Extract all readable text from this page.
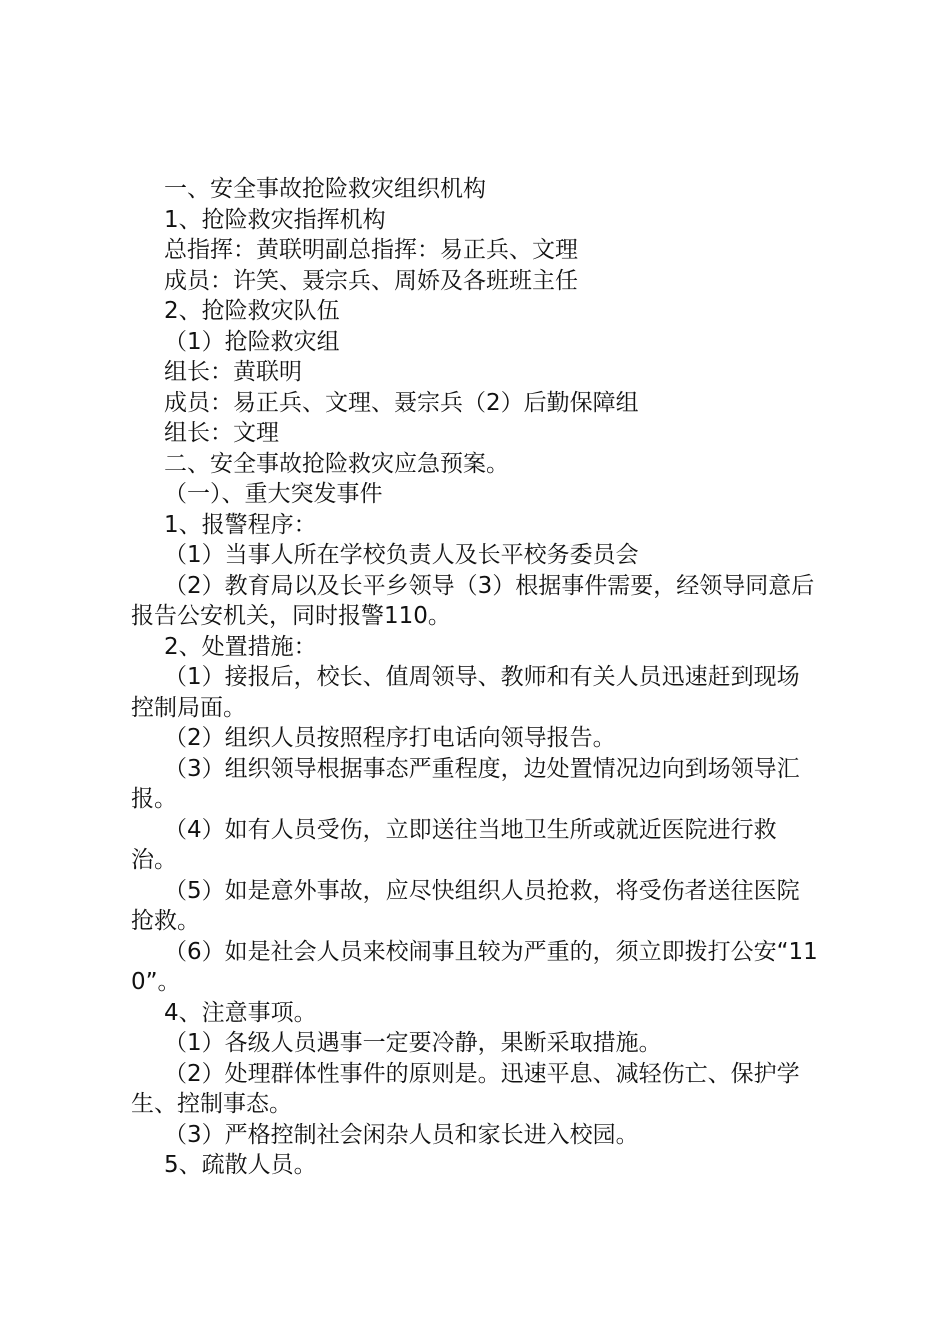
一、安全事故抢险救灾组织机构

1、抢险救灾指挥机构

总指挥：黄联明副总指挥：易正兵、文理

成员：许笑、聂宗兵、周娇及各班班主任

2、抢险救灾队伍

（1）抢险救灾组

组长：黄联明

成员：易正兵、文理、聂宗兵（2）后勤保障组

组长：文理

二、安全事故抢险救灾应急预案。

（一）、重大突发事件

1、报警程序：

（1）当事人所在学校负责人及长平校务委员会

（2）教育局以及长平乡领导（3）根据事件需要，经领导同意后报告公安机关，同时报警110。

2、处置措施：

（1）接报后，校长、值周领导、教师和有关人员迅速赶到现场控制局面。

（2）组织人员按照程序打电话向领导报告。

（3）组织领导根据事态严重程度，边处置情况边向到场领导汇报。

（4）如有人员受伤，立即送往当地卫生所或就近医院进行救治。

（5）如是意外事故，应尽快组织人员抢救，将受伤者送往医院抢救。

（6）如是社会人员来校闹事且较为严重的，须立即拨打公安“110”。

4、注意事项。

（1）各级人员遇事一定要冷静，果断采取措施。

（2）处理群体性事件的原则是。迅速平息、减轻伤亡、保护学生、控制事态。

（3）严格控制社会闲杂人员和家长进入校园。

5、疏散人员。
